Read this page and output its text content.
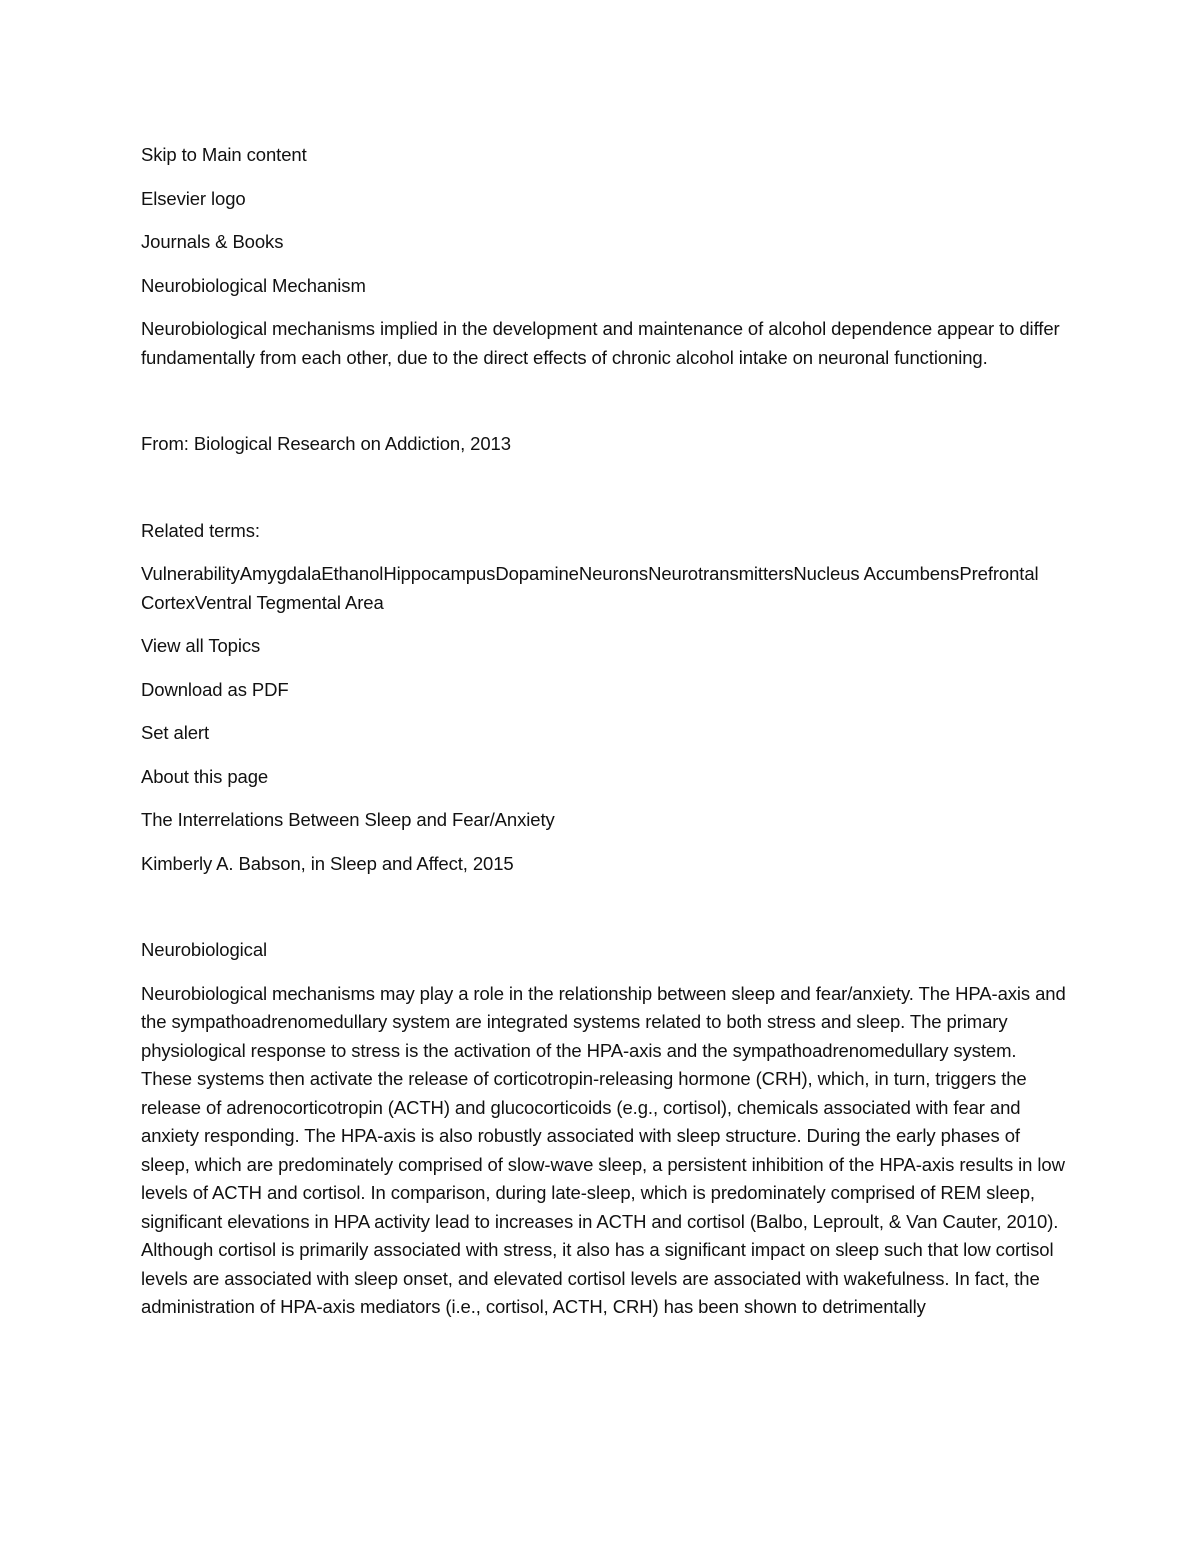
Skip to Main content

Elsevier logo

Journals & Books

Neurobiological Mechanism

Neurobiological mechanisms implied in the development and maintenance of alcohol dependence appear to differ fundamentally from each other, due to the direct effects of chronic alcohol intake on neuronal functioning.

From: Biological Research on Addiction, 2013

Related terms:

VulnerabilityAmygdalaEthanolHippocampusDopamineNeuronsNeurotransmittersNucleus AccumbensPrefrontal CortexVentral Tegmental Area

View all Topics

Download as PDF

Set alert

About this page

The Interrelations Between Sleep and Fear/Anxiety

Kimberly A. Babson, in Sleep and Affect, 2015

Neurobiological

Neurobiological mechanisms may play a role in the relationship between sleep and fear/anxiety. The HPA-axis and the sympathoadrenomedullary system are integrated systems related to both stress and sleep. The primary physiological response to stress is the activation of the HPA-axis and the sympathoadrenomedullary system. These systems then activate the release of corticotropin-releasing hormone (CRH), which, in turn, triggers the release of adrenocorticotropin (ACTH) and glucocorticoids (e.g., cortisol), chemicals associated with fear and anxiety responding. The HPA-axis is also robustly associated with sleep structure. During the early phases of sleep, which are predominately comprised of slow-wave sleep, a persistent inhibition of the HPA-axis results in low levels of ACTH and cortisol. In comparison, during late-sleep, which is predominately comprised of REM sleep, significant elevations in HPA activity lead to increases in ACTH and cortisol (Balbo, Leproult, & Van Cauter, 2010). Although cortisol is primarily associated with stress, it also has a significant impact on sleep such that low cortisol levels are associated with sleep onset, and elevated cortisol levels are associated with wakefulness. In fact, the administration of HPA-axis mediators (i.e., cortisol, ACTH, CRH) has been shown to detrimentally
